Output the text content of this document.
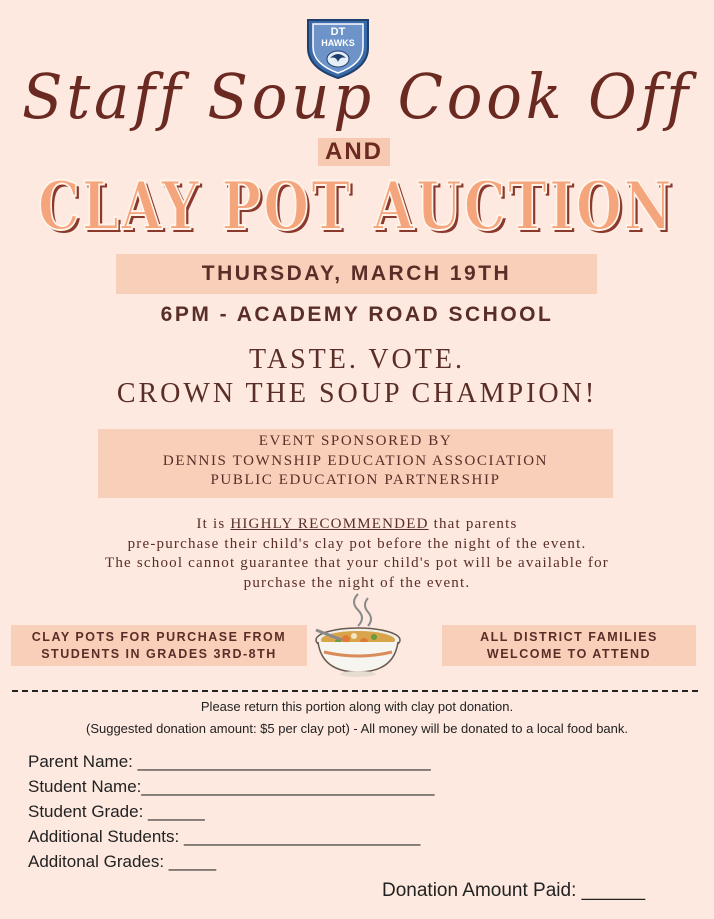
DT
HAWKS
Staff Soup Cook Off
AND
CLAY POT AUCTION
CLAY POT AUCTION
THURSDAY, MARCH 19TH
6PM - ACADEMY ROAD SCHOOL
TASTE. VOTE.
CROWN THE SOUP CHAMPION!
EVENT SPONSORED BY
DENNIS TOWNSHIP EDUCATION ASSOCIATION
PUBLIC EDUCATION PARTNERSHIP
It is HIGHLY RECOMMENDED that parents
pre-purchase their child's clay pot before the night of the event.
The school cannot guarantee that your child's pot will be available for
purchase the night of the event.
CLAY POTS FOR PURCHASE FROM
STUDENTS IN GRADES 3RD-8TH
ALL DISTRICT FAMILIES
WELCOME TO ATTEND
Please return this portion along with clay pot donation.
(Suggested donation amount: $5 per clay pot) - All money will be donated to a local food bank.
Parent Name: _______________________________
Student Name:_______________________________
Student Grade: ______
Additional Students: _________________________
Additonal Grades: _____
Donation Amount Paid: ______
